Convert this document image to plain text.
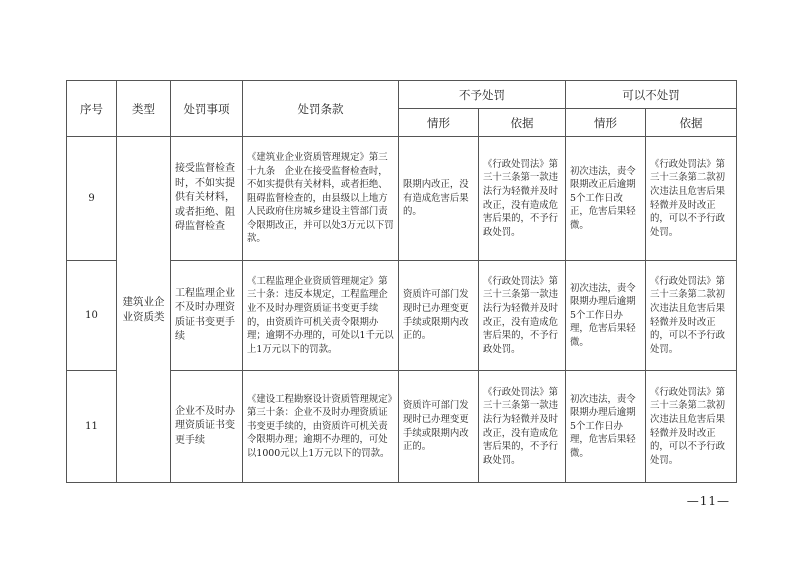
序号	类型	处罚事项	处罚条款	不予处罚		可以不处罚	
				情形	依据	情形	依据
9	建筑业企业资质类	接受监督检查时，不如实提供有关材料，或者拒绝、阻碍监督检查	《建筑业企业资质管理规定》第三十九条　企业在接受监督检查时，不如实提供有关材料，或者拒绝、阻碍监督检查的，由县级以上地方人民政府住房城乡建设主管部门责令限期改正，并可以处3万元以下罚款。	限期内改正，没有造成危害后果的。	《行政处罚法》第三十三条第一款违法行为轻微并及时改正，没有造成危害后果的，不予行政处罚。	初次违法，责令限期改正后逾期5个工作日改正，危害后果轻微。	《行政处罚法》第三十三条第二款初次违法且危害后果轻微并及时改正的，可以不予行政处罚。

10		工程监理企业不及时办理资质证书变更手续	《工程监理企业资质管理规定》第三十条：违反本规定，工程监理企业不及时办理资质证书变更手续的，由资质许可机关责令限期办理；逾期不办理的，可处以1千元以上1万元以下的罚款。	资质许可部门发现时已办理变更手续或限期内改正的。	《行政处罚法》第三十三条第一款违法行为轻微并及时改正，没有造成危害后果的，不予行政处罚。	初次违法，责令限期办理后逾期5个工作日办理，危害后果轻微。	《行政处罚法》第三十三条第二款初次违法且危害后果轻微并及时改正的，可以不予行政处罚。

11		企业不及时办理资质证书变更手续	《建设工程勘察设计资质管理规定》第三十条：企业不及时办理资质证书变更手续的，由资质许可机关责令限期办理；逾期不办理的，可处以1000元以上1万元以下的罚款。	资质许可部门发现时已办理变更手续或限期内改正的。	《行政处罚法》第三十三条第一款违法行为轻微并及时改正，没有造成危害后果的，不予行政处罚。	初次违法，责令限期办理后逾期5个工作日办理，危害后果轻微。	《行政处罚法》第三十三条第二款初次违法且危害后果轻微并及时改正的，可以不予行政处罚。
—11—
